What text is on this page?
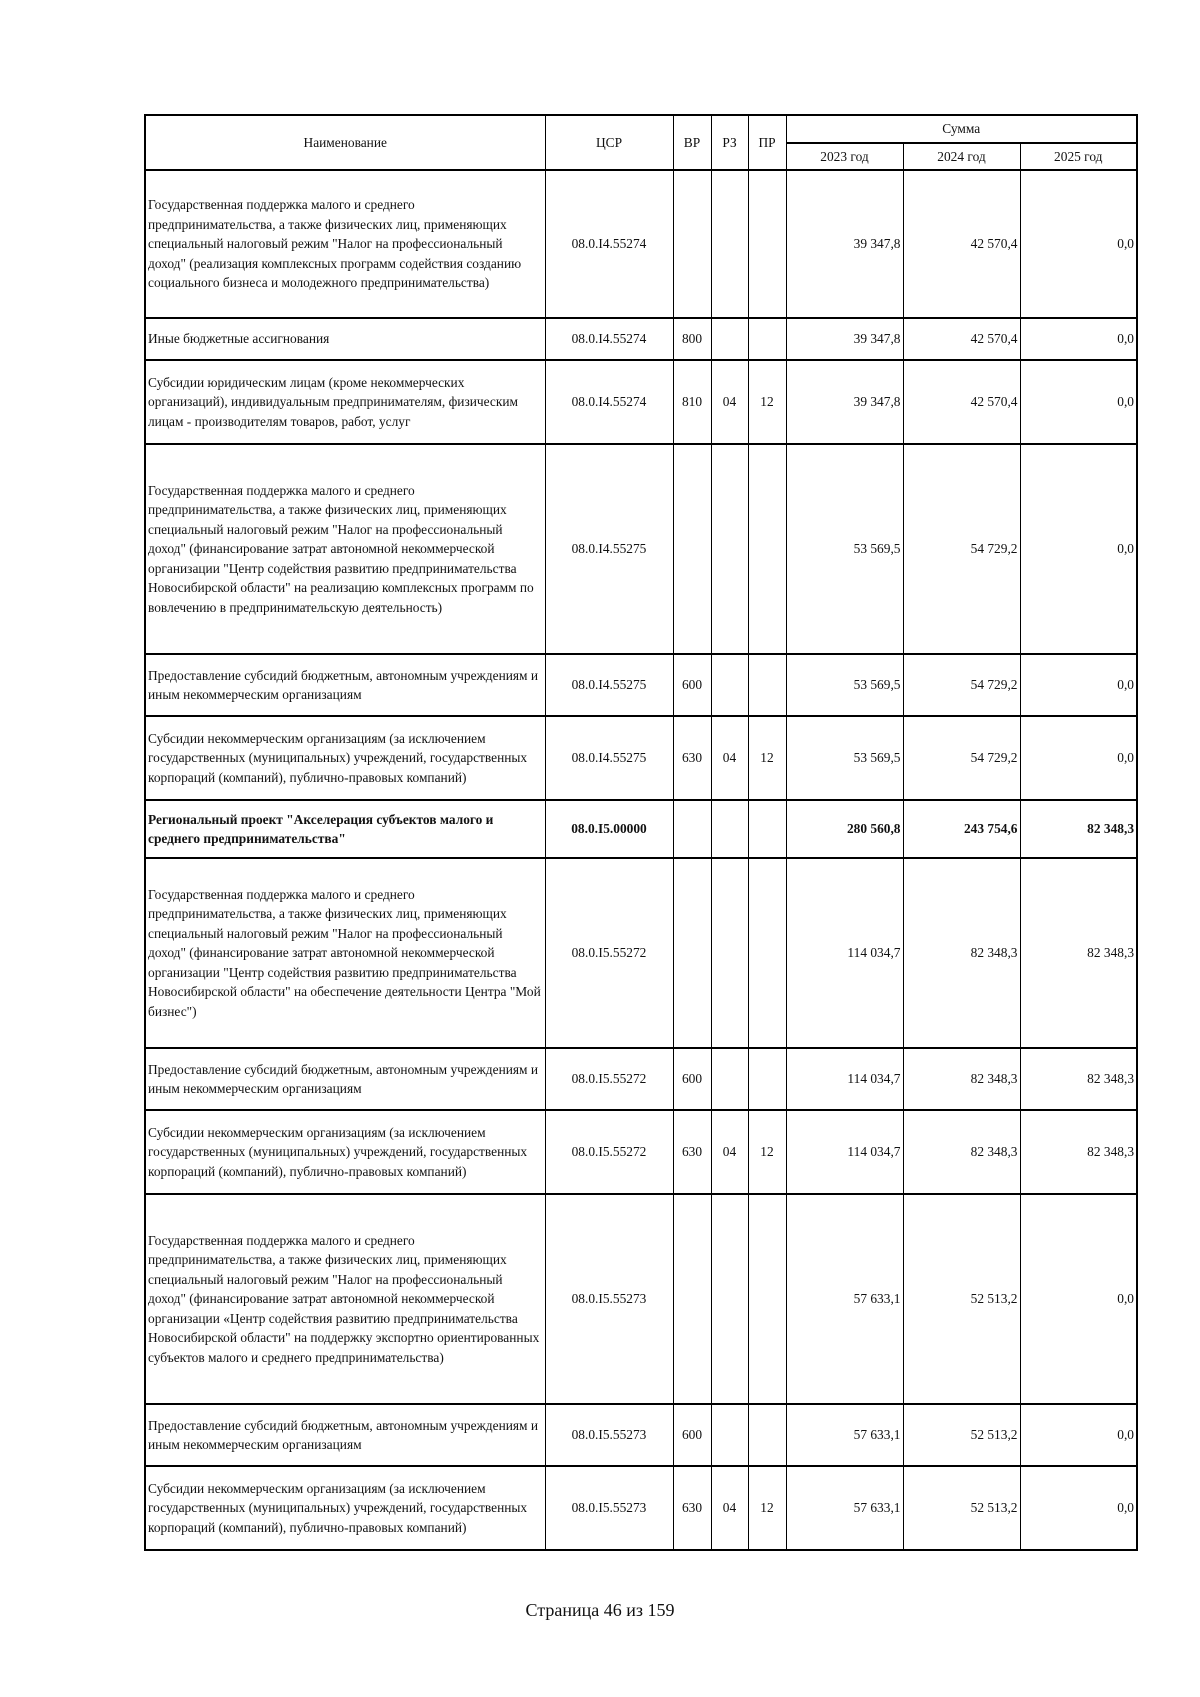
Наименование	ЦСР	ВР	РЗ	ПР	Сумма		
					2023 год	2024 год	2025 год
Государственная поддержка малого и среднего предпринимательства, а также физических лиц, применяющих специальный налоговый режим "Налог на профессиональный доход" (реализация комплексных программ содействия созданию социального бизнеса и молодежного предпринимательства)	08.0.I4.55274				39 347,8	42 570,4	0,0
Иные бюджетные ассигнования	08.0.I4.55274	800			39 347,8	42 570,4	0,0
Субсидии юридическим лицам (кроме некоммерческих организаций), индивидуальным предпринимателям, физическим лицам - производителям товаров, работ, услуг	08.0.I4.55274	810	04	12	39 347,8	42 570,4	0,0
Государственная поддержка малого и среднего предпринимательства, а также физических лиц, применяющих специальный налоговый режим "Налог на профессиональный доход" (финансирование затрат автономной некоммерческой организации "Центр содействия развитию предпринимательства Новосибирской области" на реализацию комплексных программ по вовлечению в предпринимательскую деятельность)	08.0.I4.55275				53 569,5	54 729,2	0,0
Предоставление субсидий бюджетным, автономным учреждениям и иным некоммерческим организациям	08.0.I4.55275	600			53 569,5	54 729,2	0,0
Субсидии некоммерческим организациям (за исключением государственных (муниципальных) учреждений, государственных корпораций (компаний), публично-правовых компаний)	08.0.I4.55275	630	04	12	53 569,5	54 729,2	0,0
Региональный проект "Акселерация субъектов малого и среднего предпринимательства"	08.0.I5.00000				280 560,8	243 754,6	82 348,3
Государственная поддержка малого и среднего предпринимательства, а также физических лиц, применяющих специальный налоговый режим "Налог на профессиональный доход" (финансирование затрат автономной некоммерческой организации "Центр содействия развитию предпринимательства Новосибирской области" на обеспечение деятельности Центра "Мой бизнес")	08.0.I5.55272				114 034,7	82 348,3	82 348,3
Предоставление субсидий бюджетным, автономным учреждениям и иным некоммерческим организациям	08.0.I5.55272	600			114 034,7	82 348,3	82 348,3
Субсидии некоммерческим организациям (за исключением государственных (муниципальных) учреждений, государственных корпораций (компаний), публично-правовых компаний)	08.0.I5.55272	630	04	12	114 034,7	82 348,3	82 348,3
Государственная поддержка малого и среднего предпринимательства, а также физических лиц, применяющих специальный налоговый режим "Налог на профессиональный доход" (финансирование затрат автономной некоммерческой организации «Центр содействия развитию предпринимательства Новосибирской области" на поддержку экспортно ориентированных субъектов малого и среднего предпринимательства)	08.0.I5.55273				57 633,1	52 513,2	0,0
Предоставление субсидий бюджетным, автономным учреждениям и иным некоммерческим организациям	08.0.I5.55273	600			57 633,1	52 513,2	0,0
Субсидии некоммерческим организациям (за исключением государственных (муниципальных) учреждений, государственных корпораций (компаний), публично-правовых компаний)	08.0.I5.55273	630	04	12	57 633,1	52 513,2	0,0
Страница 46 из 159
